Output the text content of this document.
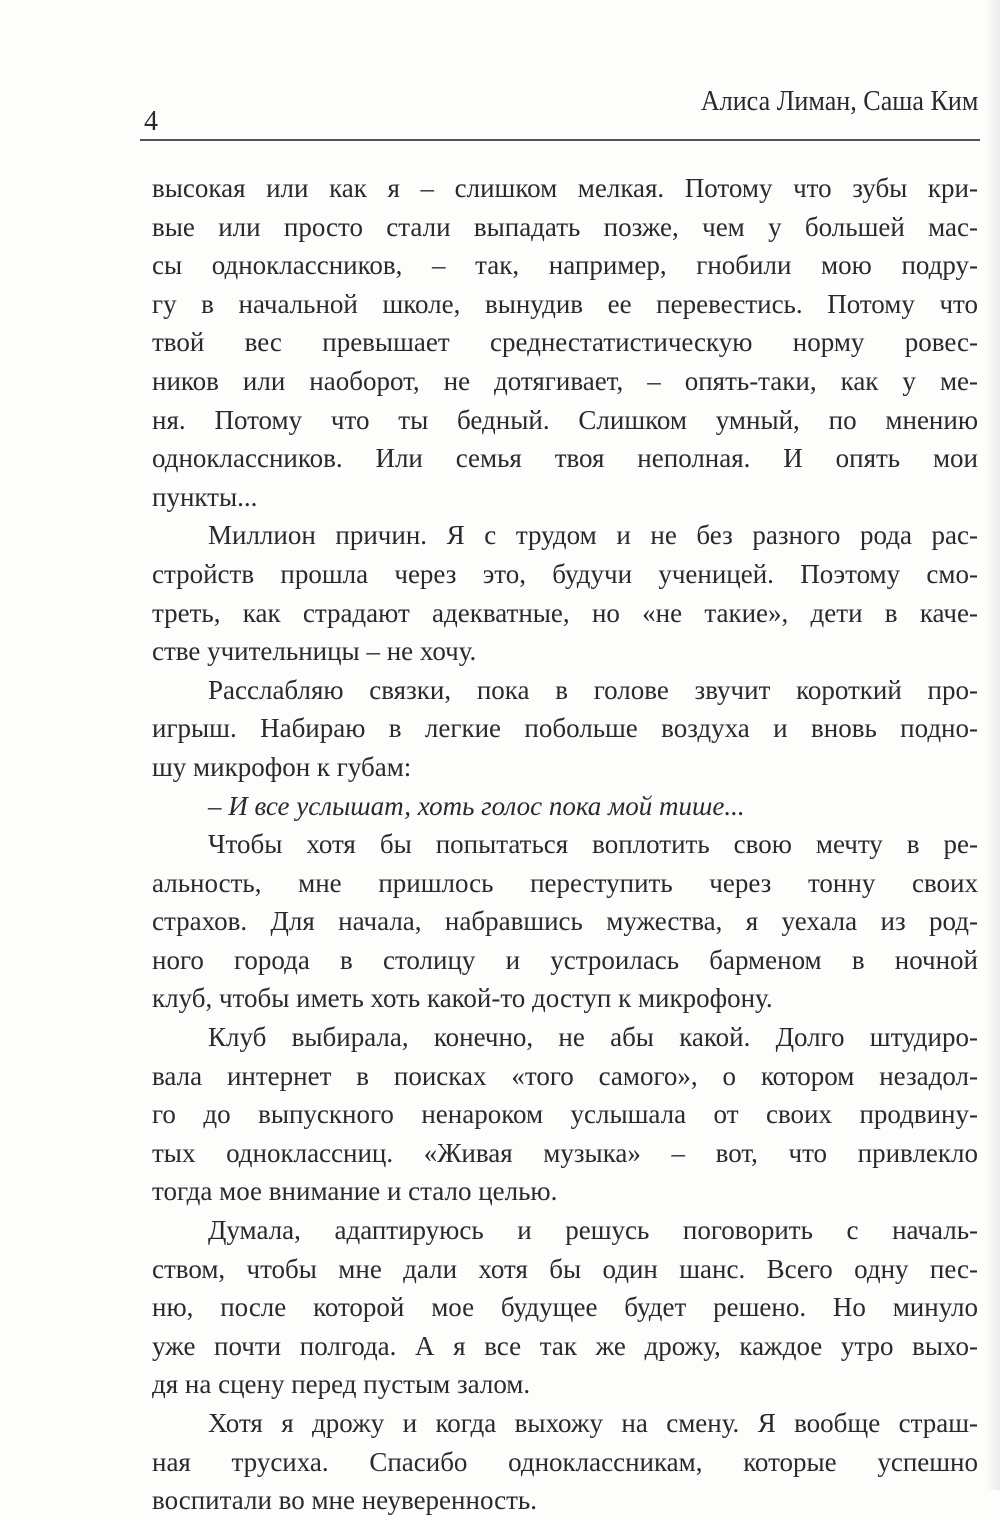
4
Алиса Лиман, Саша Ким
высокая или как я – слишком мелкая. Потому что зубы кри-
вые или просто стали выпадать позже, чем у большей мас-
сы одноклассников, – так, например, гнобили мою подру-
гу в начальной школе, вынудив ее перевестись. Потому что
твой вес превышает среднестатистическую норму ровес-
ников или наоборот, не дотягивает, – опять-таки, как у ме-
ня. Потому что ты бедный. Слишком умный, по мнению
одноклассников. Или семья твоя неполная. И опять мои
пункты...
Миллион причин. Я с трудом и не без разного рода рас-
стройств прошла через это, будучи ученицей. Поэтому смо-
треть, как страдают адекватные, но «не такие», дети в каче-
стве учительницы – не хочу.
Расслабляю связки, пока в голове звучит короткий про-
игрыш. Набираю в легкие побольше воздуха и вновь подно-
шу микрофон к губам:
– И все услышат, хоть голос пока мой тише...
Чтобы хотя бы попытаться воплотить свою мечту в ре-
альность, мне пришлось переступить через тонну своих
страхов. Для начала, набравшись мужества, я уехала из род-
ного города в столицу и устроилась барменом в ночной
клуб, чтобы иметь хоть какой-то доступ к микрофону.
Клуб выбирала, конечно, не абы какой. Долго штудиро-
вала интернет в поисках «того самого», о котором незадол-
го до выпускного ненароком услышала от своих продвину-
тых одноклассниц. «Живая музыка» – вот, что привлекло
тогда мое внимание и стало целью.
Думала, адаптируюсь и решусь поговорить с началь-
ством, чтобы мне дали хотя бы один шанс. Всего одну пес-
ню, после которой мое будущее будет решено. Но минуло
уже почти полгода. А я все так же дрожу, каждое утро выхо-
дя на сцену перед пустым залом.
Хотя я дрожу и когда выхожу на смену. Я вообще страш-
ная трусиха. Спасибо одноклассникам, которые успешно
воспитали во мне неуверенность.
